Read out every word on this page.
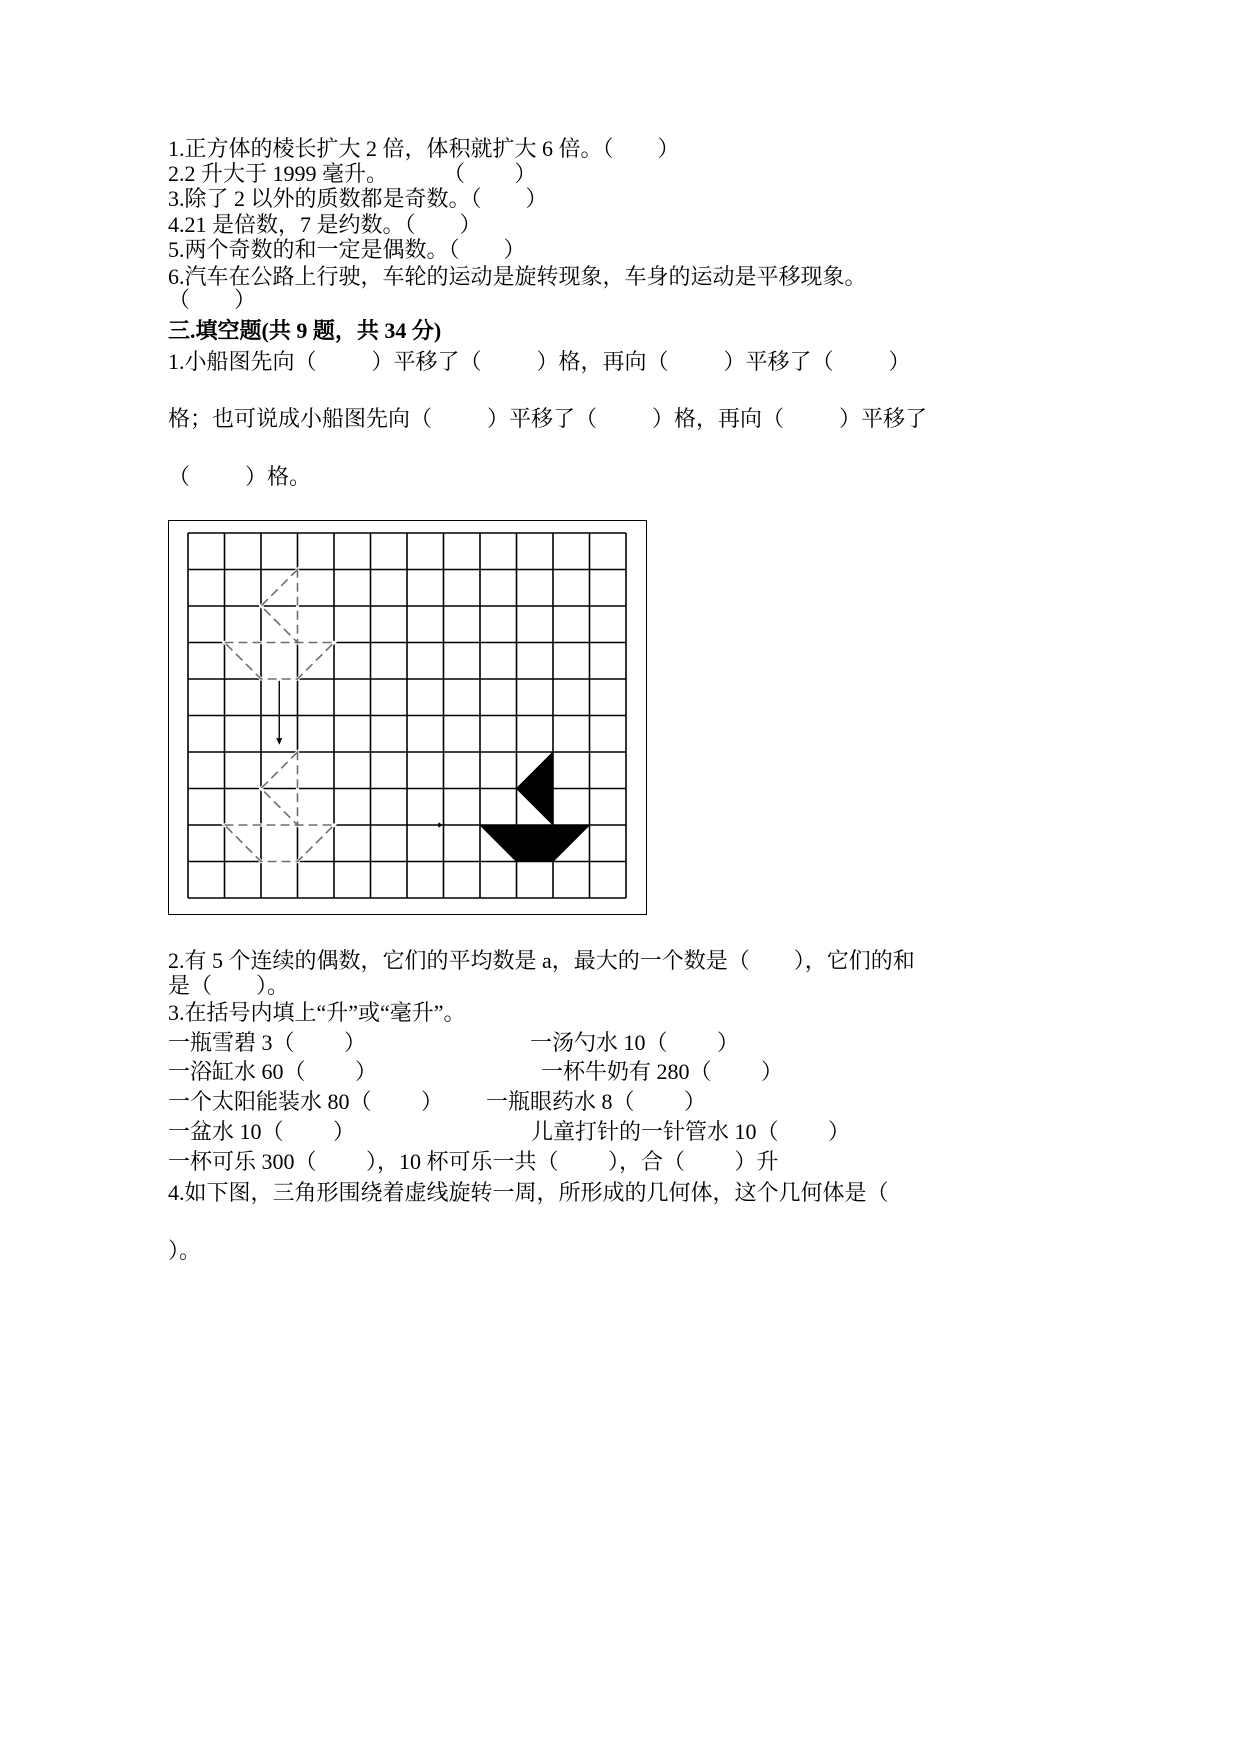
1.正方体的棱长扩大 2 倍，体积就扩大 6 倍。（        ）
2.2 升大于 1999 毫升。          （         ）
3.除了 2 以外的质数都是奇数。（        ）
4.21 是倍数，7 是约数。（        ）
5.两个奇数的和一定是偶数。（        ）
6.汽车在公路上行驶，车轮的运动是旋转现象，车身的运动是平移现象。
（        ）
三.填空题(共 9 题，共 34 分)
1.小船图先向（          ）平移了（          ）格，再向（          ）平移了（          ）
格；也可说成小船图先向（          ）平移了（          ）格，再向（          ）平移了
（          ）格。
2.有 5 个连续的偶数，它们的平均数是 a，最大的一个数是（        ），它们的和
是（        ）。
3.在括号内填上“升”或“毫升”。
一瓶雪碧 3（         ）	一汤勺水 10（         ）
一浴缸水 60（         ）	一杯牛奶有 280（         ）
一个太阳能装水 80（         ） 一瓶眼药水 8（         ）
一盆水 10（         ）	儿童打针的一针管水 10（         ）
一杯可乐 300（         ），10 杯可乐一共（         ），合（         ）升
4.如下图，三角形围绕着虚线旋转一周，所形成的几何体，这个几何体是（
）。
